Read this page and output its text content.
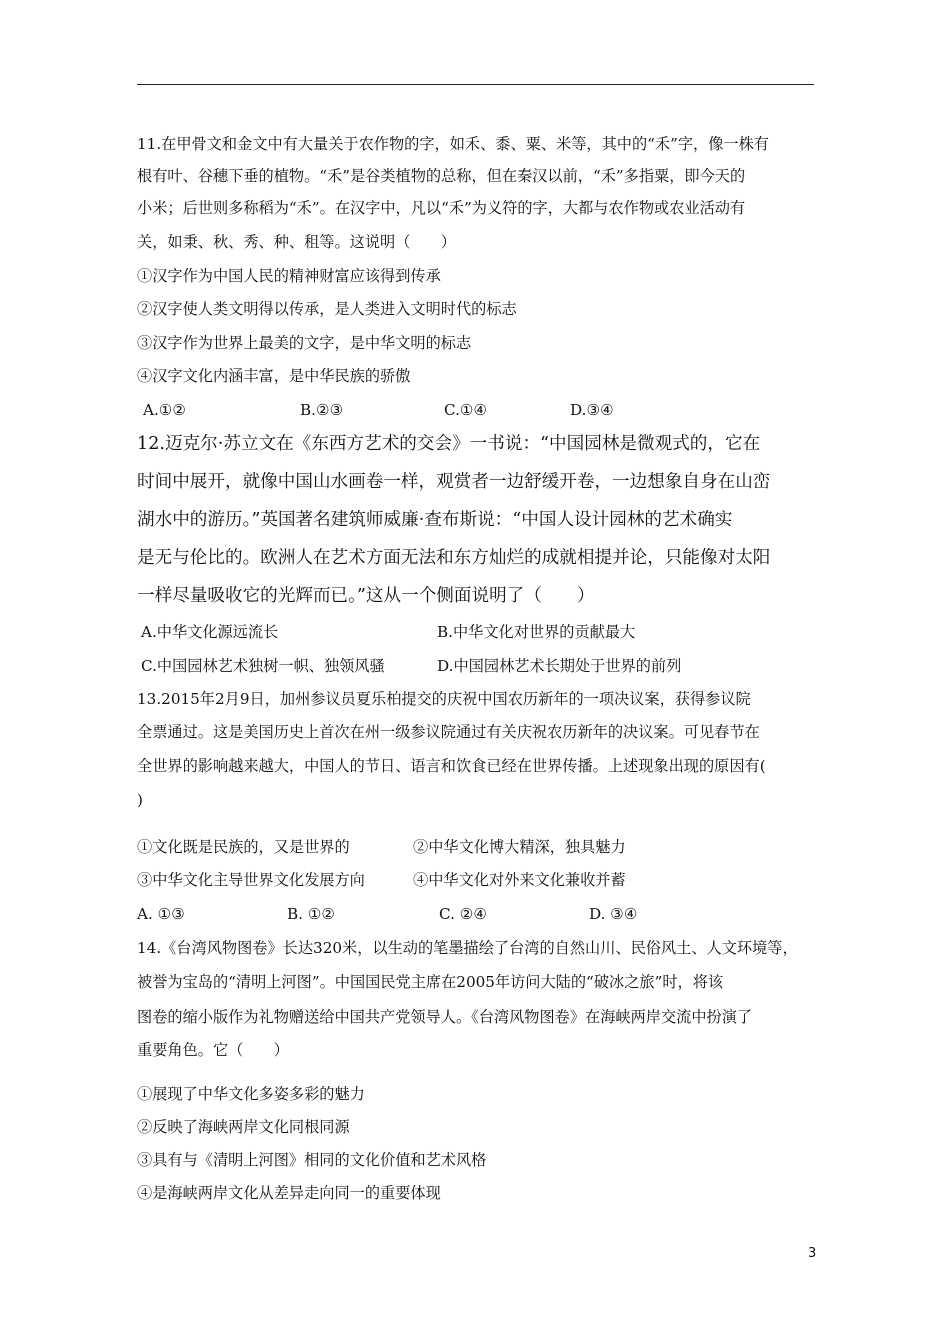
11.在甲骨文和金文中有大量关于农作物的字，如禾、黍、粟、米等，其中的“禾”字，像一株有
根有叶、谷穗下垂的植物。“禾”是谷类植物的总称，但在秦汉以前，“禾”多指粟，即今天的
小米；后世则多称稻为“禾”。在汉字中，凡以“禾”为义符的字，大都与农作物或农业活动有
关，如秉、秋、秀、种、租等。这说明（　　）
①汉字作为中国人民的精神财富应该得到传承
②汉字使人类文明得以传承，是人类进入文明时代的标志
③汉字作为世界上最美的文字，是中华文明的标志
④汉字文化内涵丰富，是中华民族的骄傲
A.①②	B.②③	C.①④	D.③④
12.迈克尔·苏立文在《东西方艺术的交会》一书说：“中国园林是微观式的，它在
时间中展开，就像中国山水画卷一样，观赏者一边舒缓开卷，一边想象自身在山峦
湖水中的游历。”英国著名建筑师威廉·查布斯说：“中国人设计园林的艺术确实
是无与伦比的。欧洲人在艺术方面无法和东方灿烂的成就相提并论，只能像对太阳
一样尽量吸收它的光辉而已。”这从一个侧面说明了（　　）
A.中华文化源远流长	B.中华文化对世界的贡献最大
C.中国园林艺术独树一帜、独领风骚	D.中国园林艺术长期处于世界的前列
13.2015年2月9日，加州参议员夏乐柏提交的庆祝中国农历新年的一项决议案，获得参议院
全票通过。这是美国历史上首次在州一级参议院通过有关庆祝农历新年的决议案。可见春节在
全世界的影响越来越大，中国人的节日、语言和饮食已经在世界传播。上述现象出现的原因有(
)
①文化既是民族的，又是世界的	②中华文化博大精深，独具魅力
③中华文化主导世界文化发展方向	④中华文化对外来文化兼收并蓄
A. ①③	B. ①②	C. ②④	D. ③④
14.《台湾风物图卷》长达320米，以生动的笔墨描绘了台湾的自然山川、民俗风土、人文环境等，
被誉为宝岛的“清明上河图”。中国国民党主席在2005年访问大陆的“破冰之旅”时，将该
图卷的缩小版作为礼物赠送给中国共产党领导人。《台湾风物图卷》在海峡两岸交流中扮演了
重要角色。它（　　）
①展现了中华文化多姿多彩的魅力
②反映了海峡两岸文化同根同源
③具有与《清明上河图》相同的文化价值和艺术风格
④是海峡两岸文化从差异走向同一的重要体现
3
